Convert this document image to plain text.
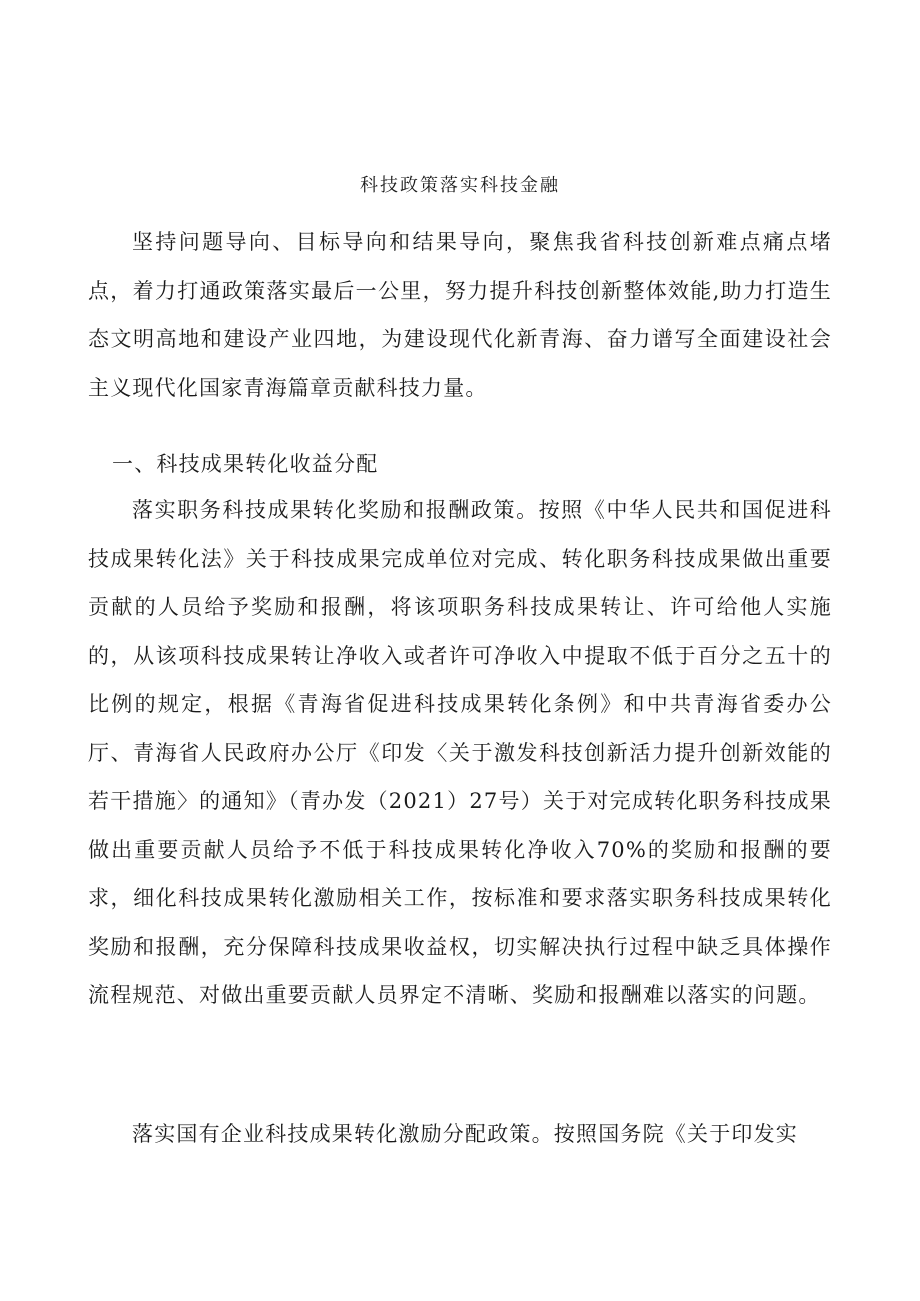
科技政策落实科技金融

坚持问题导向、目标导向和结果导向，聚焦我省科技创新难点痛点堵点，着力打通政策落实最后一公里，努力提升科技创新整体效能,助力打造生态文明高地和建设产业四地，为建设现代化新青海、奋力谱写全面建设社会主义现代化国家青海篇章贡献科技力量。

一、科技成果转化收益分配

落实职务科技成果转化奖励和报酬政策。按照《中华人民共和国促进科技成果转化法》关于科技成果完成单位对完成、转化职务科技成果做出重要贡献的人员给予奖励和报酬，将该项职务科技成果转让、许可给他人实施的，从该项科技成果转让净收入或者许可净收入中提取不低于百分之五十的比例的规定，根据《青海省促进科技成果转化条例》和中共青海省委办公厅、青海省人民政府办公厅《印发〈关于激发科技创新活力提升创新效能的若干措施〉的通知》（青办发（2021）27号）关于对完成转化职务科技成果做出重要贡献人员给予不低于科技成果转化净收入70%的奖励和报酬的要求，细化科技成果转化激励相关工作，按标准和要求落实职务科技成果转化奖励和报酬，充分保障科技成果收益权，切实解决执行过程中缺乏具体操作流程规范、对做出重要贡献人员界定不清晰、奖励和报酬难以落实的问题。

落实国有企业科技成果转化激励分配政策。按照国务院《关于印发实
